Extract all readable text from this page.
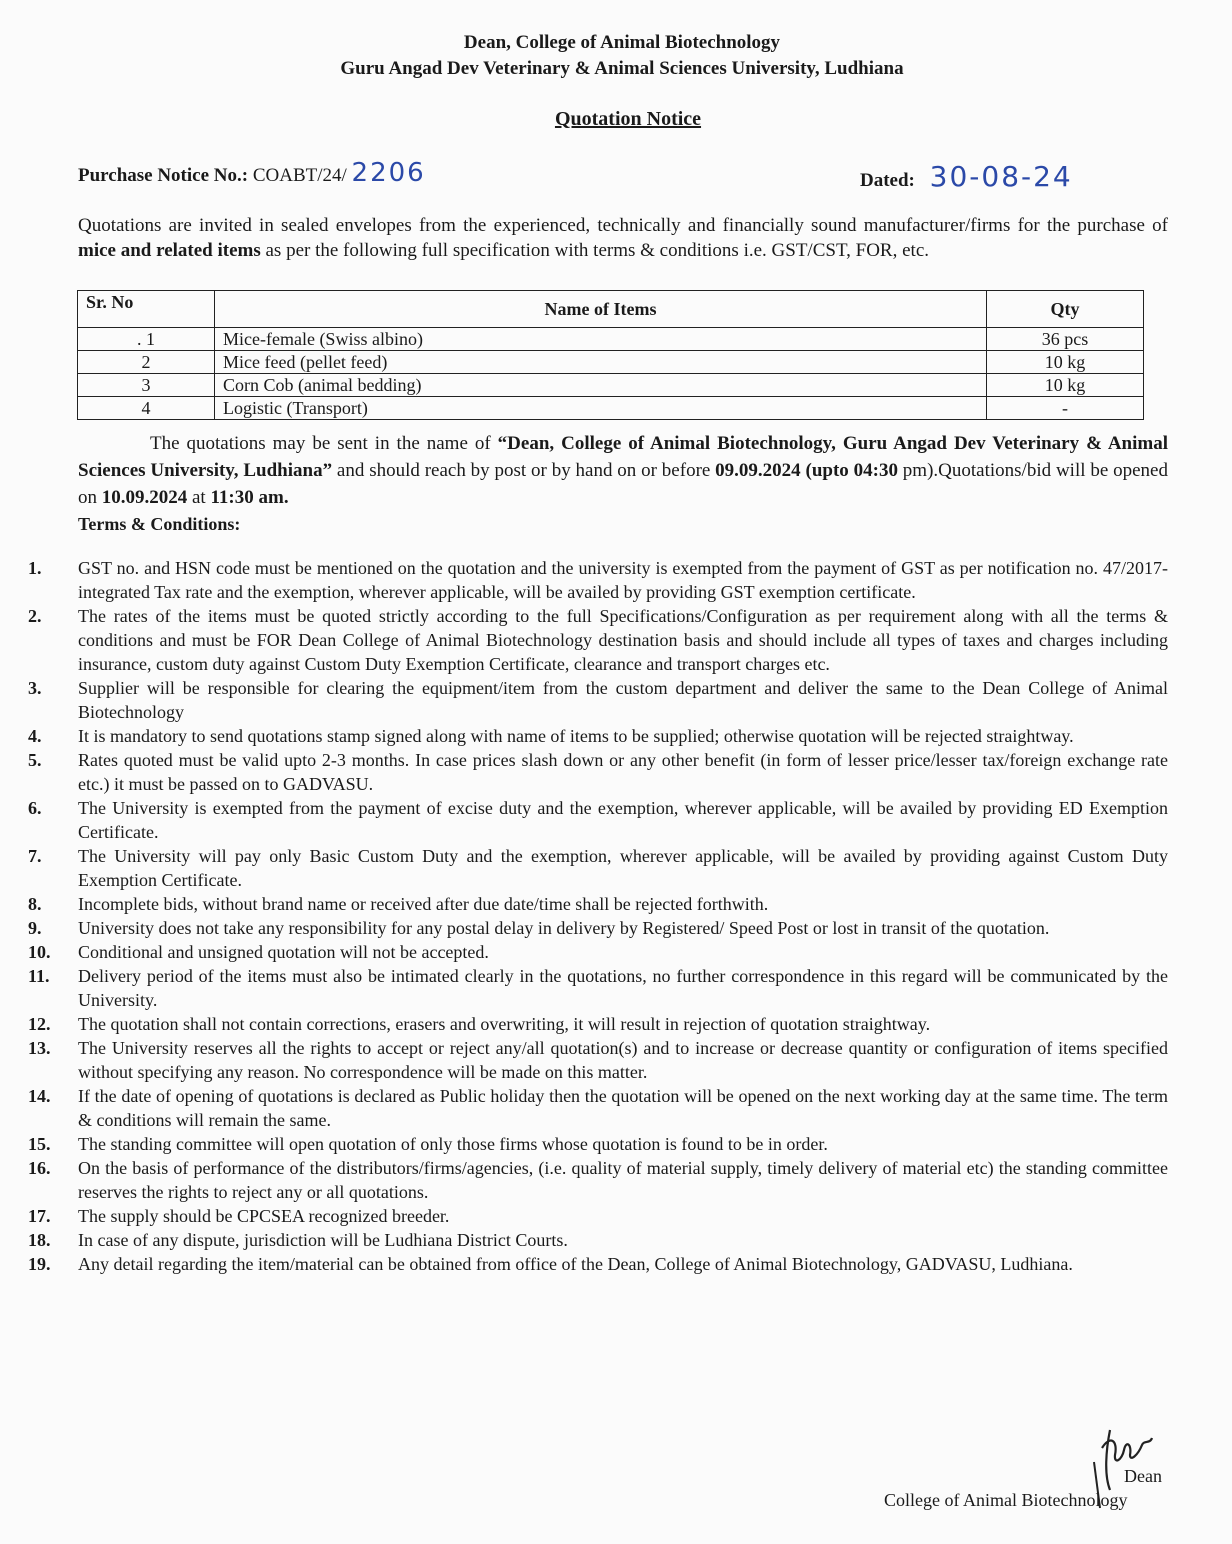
Dean, College of Animal Biotechnology
Guru Angad Dev Veterinary & Animal Sciences University, Ludhiana
Quotation Notice
Purchase Notice No.: COABT/24/ 2206	Dated: 30-08-24
Quotations are invited in sealed envelopes from the experienced, technically and financially sound manufacturer/firms for the purchase of mice and related items as per the following full specification with terms & conditions i.e. GST/CST, FOR, etc.
Sr. No	Name of Items	Qty
. 1	Mice-female (Swiss albino)	36 pcs
2	Mice feed (pellet feed)	10 kg
3	Corn Cob (animal bedding)	10 kg
4	Logistic (Transport)	-
The quotations may be sent in the name of “Dean, College of Animal Biotechnology, Guru Angad Dev Veterinary & Animal Sciences University, Ludhiana” and should reach by post or by hand on or before 09.09.2024 (upto 04:30 pm).Quotations/bid will be opened on 10.09.2024 at 11:30 am.
Terms & Conditions:
1.	GST no. and HSN code must be mentioned on the quotation and the university is exempted from the payment of GST as per notification no. 47/2017-integrated Tax rate and the exemption, wherever applicable, will be availed by providing GST exemption certificate.
2.	The rates of the items must be quoted strictly according to the full Specifications/Configuration as per requirement along with all the terms & conditions and must be FOR Dean College of Animal Biotechnology destination basis and should include all types of taxes and charges including insurance, custom duty against Custom Duty Exemption Certificate, clearance and transport charges etc.
3.	Supplier will be responsible for clearing the equipment/item from the custom department and deliver the same to the Dean College of Animal Biotechnology
4.	It is mandatory to send quotations stamp signed along with name of items to be supplied; otherwise quotation will be rejected straightway.
5.	Rates quoted must be valid upto 2-3 months. In case prices slash down or any other benefit (in form of lesser price/lesser tax/foreign exchange rate etc.) it must be passed on to GADVASU.
6.	The University is exempted from the payment of excise duty and the exemption, wherever applicable, will be availed by providing ED Exemption Certificate.
7.	The University will pay only Basic Custom Duty and the exemption, wherever applicable, will be availed by providing against Custom Duty Exemption Certificate.
8.	Incomplete bids, without brand name or received after due date/time shall be rejected forthwith.
9.	University does not take any responsibility for any postal delay in delivery by Registered/ Speed Post or lost in transit of the quotation.
10.	Conditional and unsigned quotation will not be accepted.
11.	Delivery period of the items must also be intimated clearly in the quotations, no further correspondence in this regard will be communicated by the University.
12.	The quotation shall not contain corrections, erasers and overwriting, it will result in rejection of quotation straightway.
13.	The University reserves all the rights to accept or reject any/all quotation(s) and to increase or decrease quantity or configuration of items specified without specifying any reason. No correspondence will be made on this matter.
14.	If the date of opening of quotations is declared as Public holiday then the quotation will be opened on the next working day at the same time. The term & conditions will remain the same.
15.	The standing committee will open quotation of only those firms whose quotation is found to be in order.
16.	On the basis of performance of the distributors/firms/agencies, (i.e. quality of material supply, timely delivery of material etc) the standing committee reserves the rights to reject any or all quotations.
17.	The supply should be CPCSEA recognized breeder.
18.	In case of any dispute, jurisdiction will be Ludhiana District Courts.
19.	Any detail regarding the item/material can be obtained from office of the Dean, College of Animal Biotechnology, GADVASU, Ludhiana.
Dean
College of Animal Biotechnology
